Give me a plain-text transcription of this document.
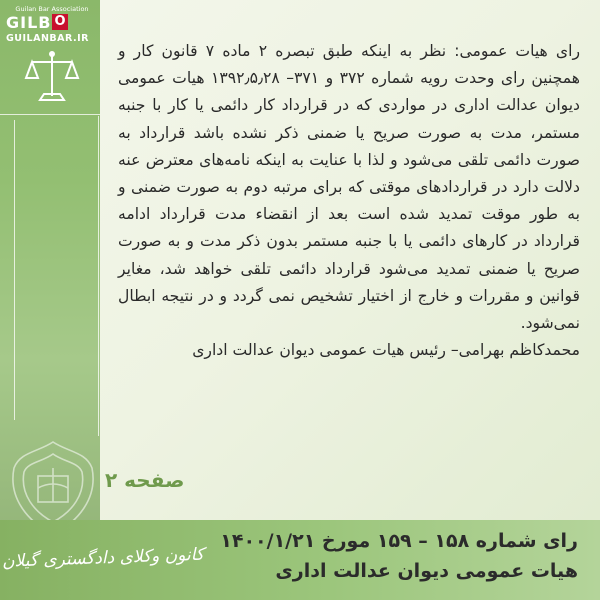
Guilan Bar Association
GILB O
GUILANBAR.IR
رای هیات عمومی: نظر به اینکه طبق تبصره ۲ ماده ۷ قانون کار و همچنین رای وحدت رویه شماره ۳۷۲ و ۳۷۱– ۱۳۹۲٫۵٫۲۸ هیات عمومی دیوان عدالت اداری در مواردی که در قرارداد کار دائمی یا کار با جنبه مستمر، مدت به صورت صریح یا ضمنی ذکر نشده باشد قرارداد به صورت دائمی تلقی می‌شود و لذا با عنایت به اینکه نامه‌های معترض عنه دلالت دارد در قراردادهای موقتی که برای مرتبه دوم به صورت ضمنی و به طور موقت تمدید شده است بعد از انقضاء مدت قرارداد ادامه قرارداد در کارهای دائمی یا با جنبه مستمر بدون ذکر مدت و به صورت صریح یا ضمنی تمدید می‌شود قرارداد دائمی تلقی خواهد شد، مغایر قوانین و مقررات و خارج از اختیار تشخیص نمی گردد و در نتیجه ابطال نمی‌شود.
محمدکاظم بهرامی– رئیس هیات عمومی دیوان عدالت اداری
صفحه ۲
رای شماره ۱۵۸ – ۱۵۹ مورخ ۱۴۰۰/۱/۲۱
هیات عمومی دیوان عدالت اداری
کانون وکلای دادگستری گیلان
